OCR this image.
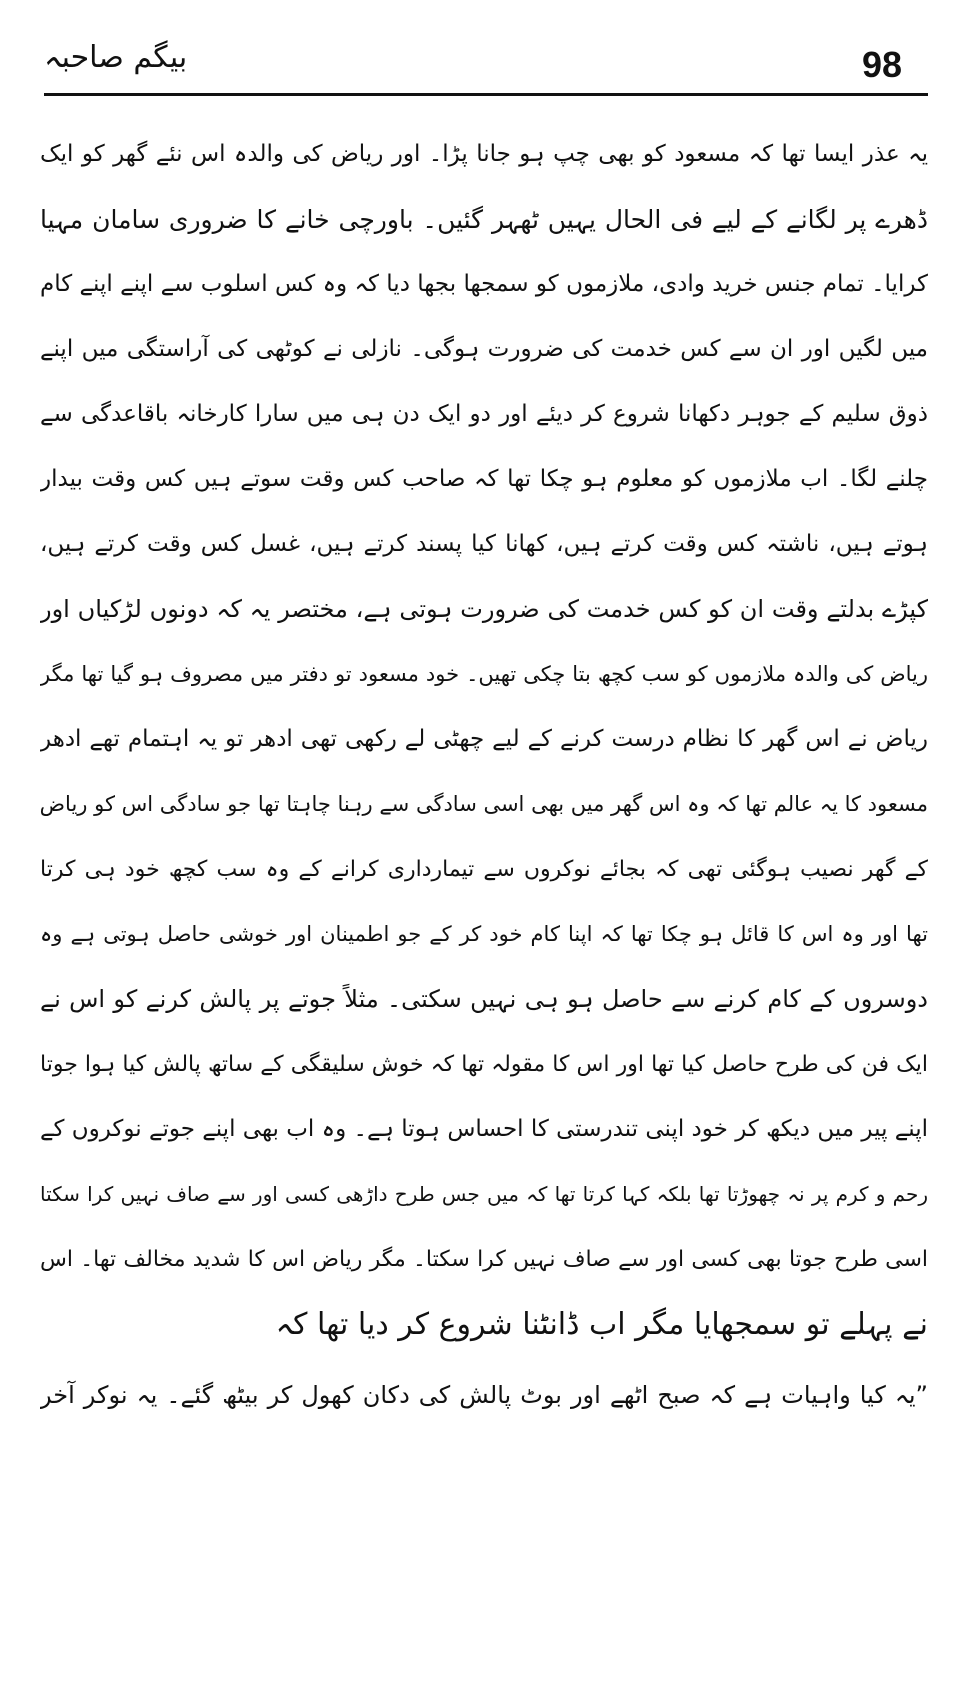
بیگم صاحبہ	98
یہ عذر ایسا تھا کہ مسعود کو بھی چپ ہو جانا پڑا۔ اور ریاض کی والدہ اس نئے گھر کو ایک
ڈھرے پر لگانے کے لیے فی الحال یہیں ٹھہر گئیں۔ باورچی خانے کا ضروری سامان مہیا
کرایا۔ تمام جنس خرید وادی، ملازموں کو سمجھا بجھا دیا کہ وہ کس اسلوب سے اپنے اپنے کام
میں لگیں اور ان سے کس خدمت کی ضرورت ہوگی۔ نازلی نے کوٹھی کی آراستگی میں اپنے
ذوق سلیم کے جوہر دکھانا شروع کر دیئے اور دو ایک دن ہی میں سارا کارخانہ باقاعدگی سے
چلنے لگا۔ اب ملازموں کو معلوم ہو چکا تھا کہ صاحب کس وقت سوتے ہیں کس وقت بیدار
ہوتے ہیں، ناشتہ کس وقت کرتے ہیں، کھانا کیا پسند کرتے ہیں، غسل کس وقت کرتے ہیں،
کپڑے بدلتے وقت ان کو کس خدمت کی ضرورت ہوتی ہے، مختصر یہ کہ دونوں لڑکیاں اور
ریاض کی والدہ ملازموں کو سب کچھ بتا چکی تھیں۔ خود مسعود تو دفتر میں مصروف ہو گیا تھا مگر
ریاض نے اس گھر کا نظام درست کرنے کے لیے چھٹی لے رکھی تھی ادھر تو یہ اہتمام تھے ادھر
مسعود کا یہ عالم تھا کہ وہ اس گھر میں بھی اسی سادگی سے رہنا چاہتا تھا جو سادگی اس کو ریاض
کے گھر نصیب ہوگئی تھی کہ بجائے نوکروں سے تیمارداری کرانے کے وہ سب کچھ خود ہی کرتا
تھا اور وہ اس کا قائل ہو چکا تھا کہ اپنا کام خود کر کے جو اطمینان اور خوشی حاصل ہوتی ہے وہ
دوسروں کے کام کرنے سے حاصل ہو ہی نہیں سکتی۔ مثلاً جوتے پر پالش کرنے کو اس نے
ایک فن کی طرح حاصل کیا تھا اور اس کا مقولہ تھا کہ خوش سلیقگی کے ساتھ پالش کیا ہوا جوتا
اپنے پیر میں دیکھ کر خود اپنی تندرستی کا احساس ہوتا ہے۔ وہ اب بھی اپنے جوتے نوکروں کے
رحم و کرم پر نہ چھوڑتا تھا بلکہ کہا کرتا تھا کہ میں جس طرح داڑھی کسی اور سے صاف نہیں کرا سکتا
اسی طرح جوتا بھی کسی اور سے صاف نہیں کرا سکتا۔ مگر ریاض اس کا شدید مخالف تھا۔ اس
نے پہلے تو سمجھایا مگر اب ڈانٹنا شروع کر دیا تھا کہ
”یہ کیا واہیات ہے کہ صبح اٹھے اور بوٹ پالش کی دکان کھول کر بیٹھ گئے۔ یہ نوکر آخر
